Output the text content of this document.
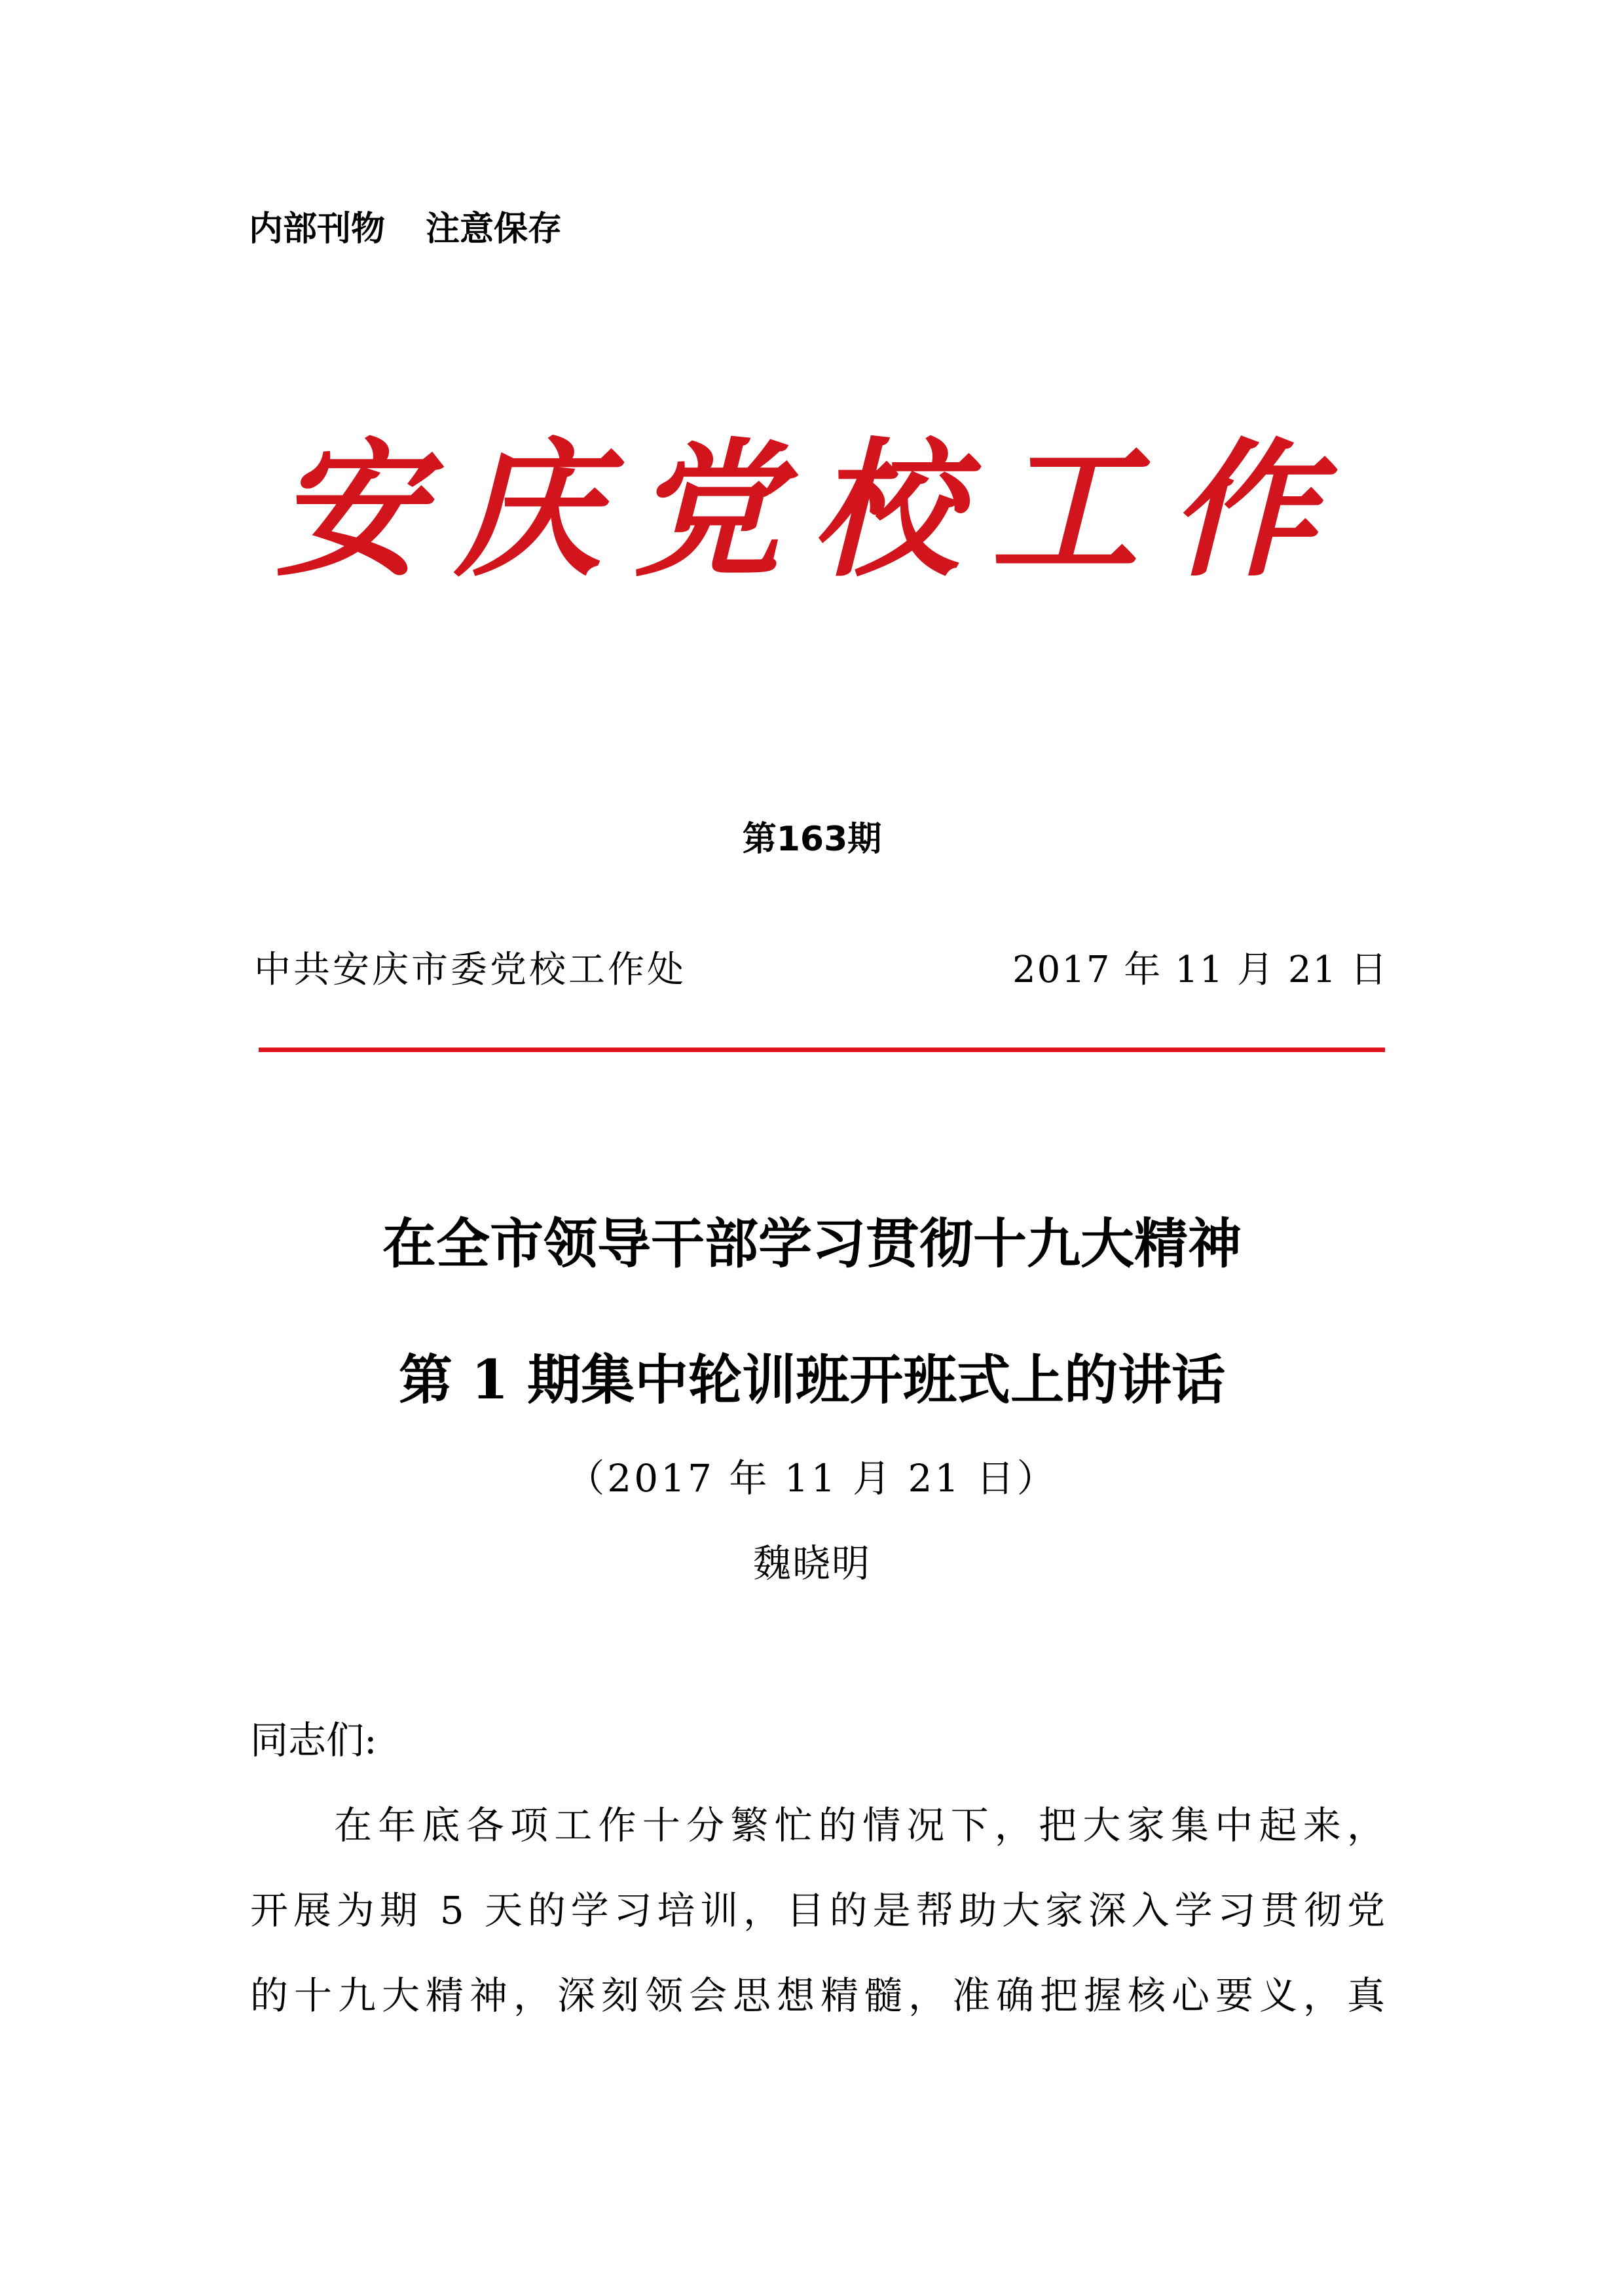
内部刊物 注意保存
安庆党校工作
第163期
中共安庆市委党校工作处	2017 年 11 月 21 日
在全市领导干部学习贯彻十九大精神
第 1 期集中轮训班开班式上的讲话
（2017 年 11 月 21 日）
魏晓明
同志们:
在年底各项工作十分繁忙的情况下，把大家集中起来，
开展为期 5 天的学习培训，目的是帮助大家深入学习贯彻党
的十九大精神，深刻领会思想精髓，准确把握核心要义，真
